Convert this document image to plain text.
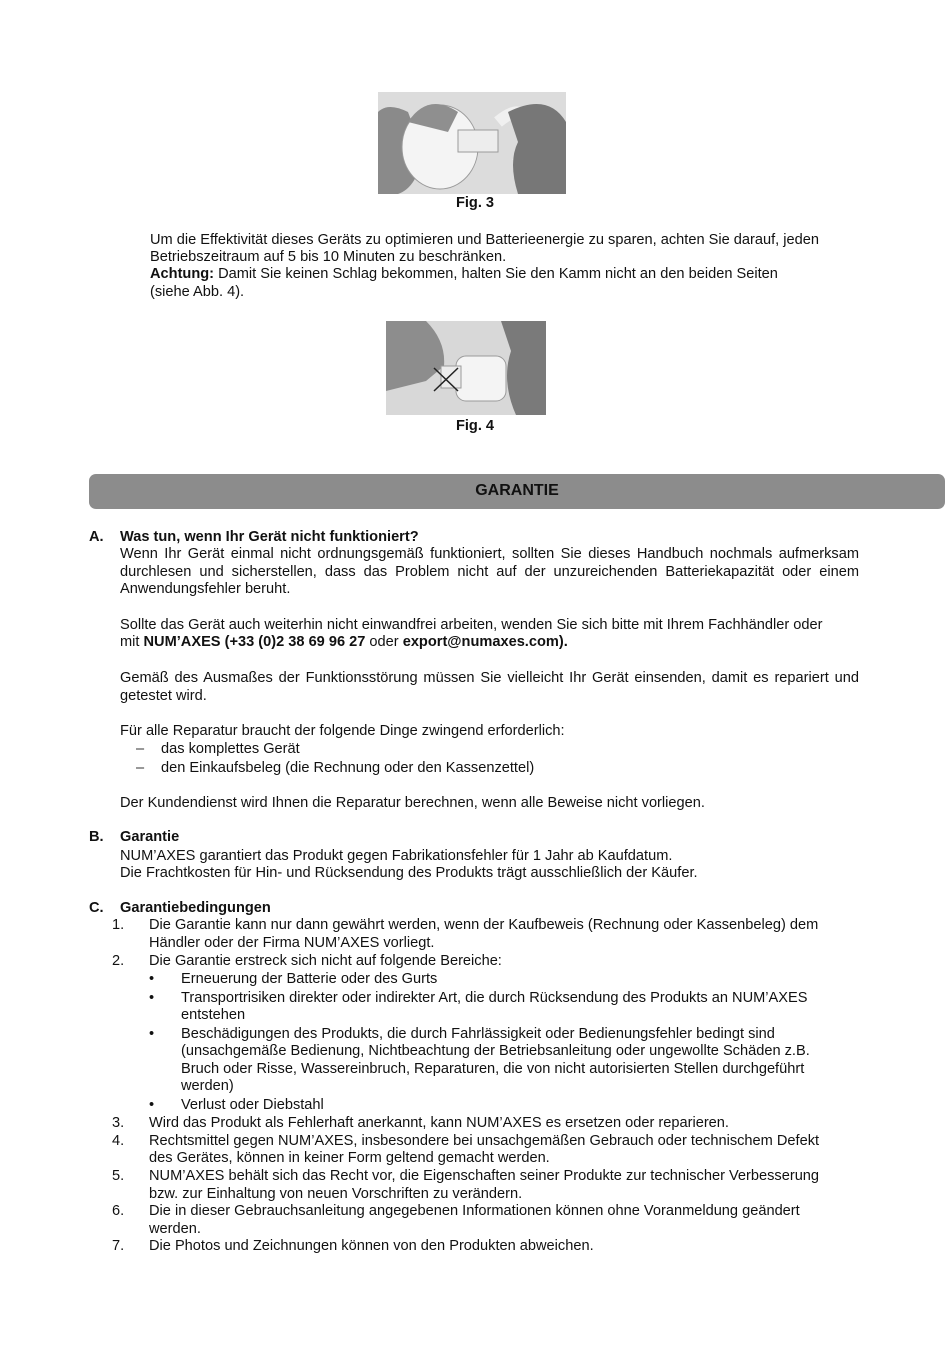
Fig. 3
Um die Effektivität dieses Geräts zu optimieren und Batterieenergie zu sparen, achten Sie darauf, jeden
Betriebszeitraum auf 5 bis 10 Minuten zu beschränken.
Achtung: Damit Sie keinen Schlag bekommen, halten Sie den Kamm nicht an den beiden Seiten
(siehe Abb. 4).
Fig. 4
GARANTIE
A. Was tun, wenn Ihr Gerät nicht funktioniert?
Wenn Ihr Gerät einmal nicht ordnungsgemäß funktioniert, sollten Sie dieses Handbuch nochmals aufmerksam durchlesen und sicherstellen, dass das Problem nicht auf der unzureichenden Batteriekapazität oder einem Anwendungsfehler beruht.
Sollte das Gerät auch weiterhin nicht einwandfrei arbeiten, wenden Sie sich bitte mit Ihrem Fachhändler oder
mit NUM’AXES (+33 (0)2 38 69 96 27 oder export@numaxes.com).
Gemäß des Ausmaßes der Funktionsstörung müssen Sie vielleicht Ihr Gerät einsenden, damit es repariert und getestet wird.
Für alle Reparatur braucht der folgende Dinge zwingend erforderlich:
– das komplettes Gerät
– den Einkaufsbeleg (die Rechnung oder den Kassenzettel)
Der Kundendienst wird Ihnen die Reparatur berechnen, wenn alle Beweise nicht vorliegen.
B. Garantie
NUM’AXES garantiert das Produkt gegen Fabrikationsfehler für 1 Jahr ab Kaufdatum.
Die Frachtkosten für Hin- und Rücksendung des Produkts trägt ausschließlich der Käufer.
C. Garantiebedingungen
1. Die Garantie kann nur dann gewährt werden, wenn der Kaufbeweis (Rechnung oder Kassenbeleg) dem
Händler oder der Firma NUM’AXES vorliegt.
2. Die Garantie erstreck sich nicht auf folgende Bereiche:
• Erneuerung der Batterie oder des Gurts
• Transportrisiken direkter oder indirekter Art, die durch Rücksendung des Produkts an NUM’AXES
entstehen
• Beschädigungen des Produkts, die durch Fahrlässigkeit oder Bedienungsfehler bedingt sind
(unsachgemäße Bedienung, Nichtbeachtung der Betriebsanleitung oder ungewollte Schäden z.B.
Bruch oder Risse, Wassereinbruch, Reparaturen, die von nicht autorisierten Stellen durchgeführt
werden)
• Verlust oder Diebstahl
3. Wird das Produkt als Fehlerhaft anerkannt, kann NUM’AXES es ersetzen oder reparieren.
4. Rechtsmittel gegen NUM’AXES, insbesondere bei unsachgemäßen Gebrauch oder technischem Defekt
des Gerätes, können in keiner Form geltend gemacht werden.
5. NUM’AXES behält sich das Recht vor, die Eigenschaften seiner Produkte zur technischer Verbesserung
bzw. zur Einhaltung von neuen Vorschriften zu verändern.
6. Die in dieser Gebrauchsanleitung angegebenen Informationen können ohne Voranmeldung geändert
werden.
7. Die Photos und Zeichnungen können von den Produkten abweichen.
